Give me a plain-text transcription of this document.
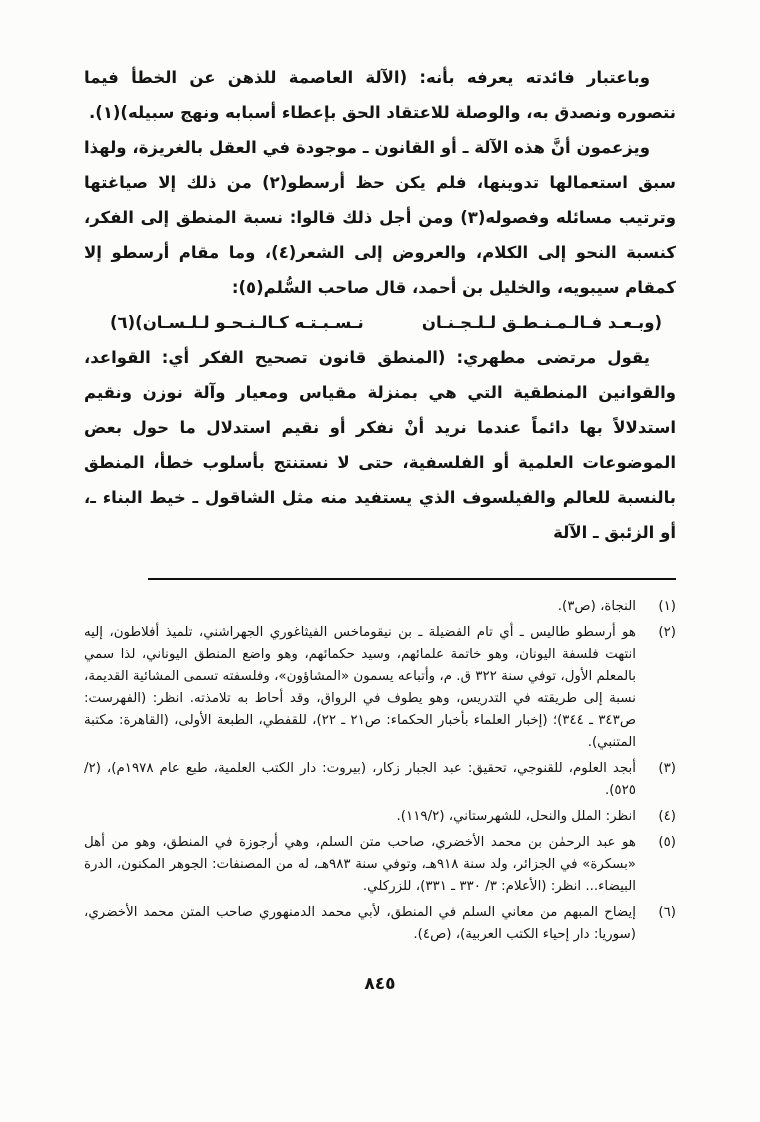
وباعتبار فائدته يعرفه بأنه: (الآلة العاصمة للذهن عن الخطأ فيما نتصوره ونصدق به، والوصلة للاعتقاد الحق بإعطاء أسبابه ونهج سبيله)(١).

ويزعمون أنَّ هذه الآلة ـ أو القانون ـ موجودة في العقل بالغريزة، ولهذا سبق استعمالها تدوينها، فلم يكن حظ أرسطو(٢) من ذلك إلا صياغتها وترتيب مسائله وفصوله(٣) ومن أجل ذلك قالوا: نسبة المنطق إلى الفكر، كنسبة النحو إلى الكلام، والعروض إلى الشعر(٤)، وما مقام أرسطو إلا كمقام سيبويه، والخليل بن أحمد، قال صاحب السُّلم(٥):

(وبـعـد فـالـمـنـطـق لـلـجـنـان
نـسـبـتـه كـالـنـحـو لـلـسـان)(٦)

يقول مرتضى مطهري: (المنطق قانون تصحيح الفكر أي: القواعد، والقوانين المنطقية التي هي بمنزلة مقياس ومعيار وآلة نوزن ونقيم استدلالاً بها دائماً عندما نريد أنْ نفكر أو نقيم استدلال ما حول بعض الموضوعات العلمية أو الفلسفية، حتى لا نستنتج بأسلوب خطأ، المنطق بالنسبة للعالم والفيلسوف الذي يستفيد منه مثل الشاقول ـ خيط البناء ـ، أو الزئبق ـ الآلة

(١)
النجاة، (ص٣).
(٢)
هو أرسطو طاليس ـ أي تام الفضيلة ـ بن نيقوماخس الفيثاغوري الجهراشني، تلميذ أفلاطون، إليه انتهت فلسفة اليونان، وهو خاتمة علمائهم، وسيد حكمائهم، وهو واضع المنطق اليوناني، لذا سمي بالمعلم الأول، توفي سنة ٣٢٢ ق. م، وأتباعه يسمون «المشاؤون»، وفلسفته تسمى المشائية القديمة، نسبة إلى طريقته في التدريس، وهو يطوف في الرواق، وقد أحاط به تلامذته. انظر: (الفهرست: ص٣٤٣ ـ ٣٤٤)؛ (إخبار العلماء بأخبار الحكماء: ص٢١ ـ ٢٢)، للقفطي، الطبعة الأولى، (القاهرة: مكتبة المتنبي).
(٣)
أبجد العلوم، للقنوجي، تحقيق: عبد الجبار زكار، (بيروت: دار الكتب العلمية، طبع عام ١٩٧٨م)، (٢/ ٥٢٥).
(٤)
انظر: الملل والنحل، للشهرستاني، (١١٩/٢).
(٥)
هو عبد الرحمٰن بن محمد الأخضري، صاحب متن السلم، وهي أرجوزة في المنطق، وهو من أهل «بسكرة» في الجزائر، ولد سنة ٩١٨هـ، وتوفي سنة ٩٨٣هـ، له من المصنفات: الجوهر المكنون، الدرة البيضاء... انظر: (الأعلام: ٣/ ٣٣٠ ـ ٣٣١)، للزركلي.
(٦)
إيضاح المبهم من معاني السلم في المنطق، لأبي محمد الدمنهوري صاحب المتن محمد الأخضري، (سوريا: دار إحياء الكتب العربية)، (ص٤).
٨٤٥
